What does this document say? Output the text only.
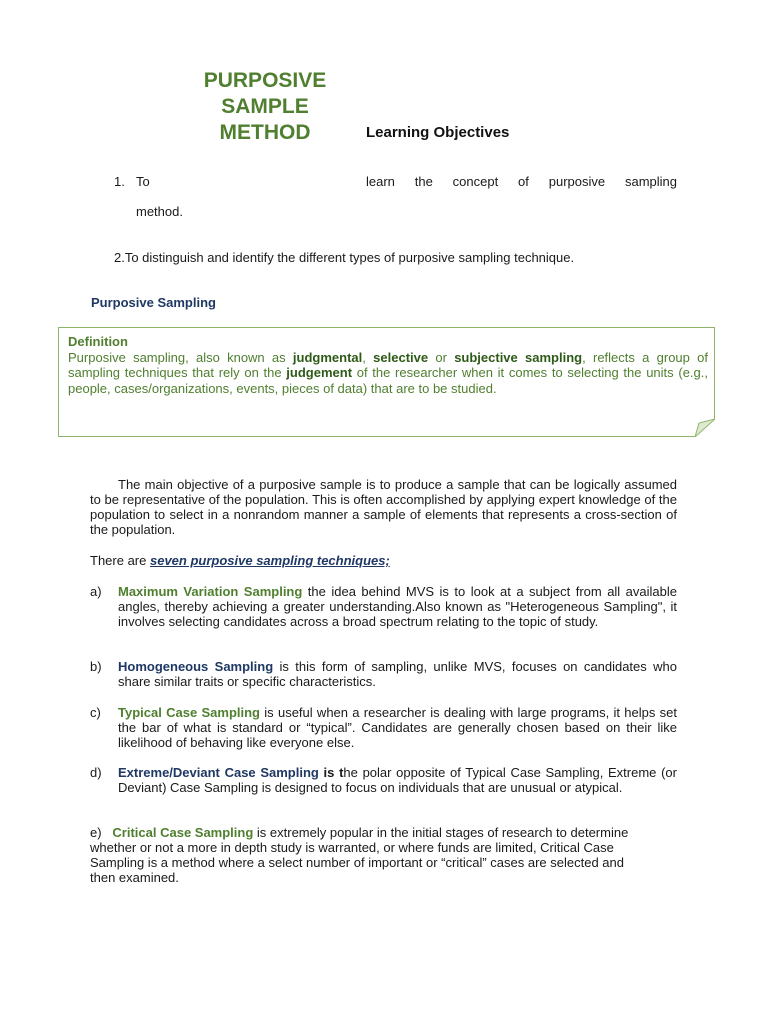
PURPOSIVE
SAMPLE
METHOD	Learning Objectives
1. To	learn the concept of purposive sampling
method.
2.To distinguish and identify the different types of purposive sampling technique.
Purposive Sampling
Definition
Purposive sampling, also known as judgmental, selective or subjective sampling, reflects a group of sampling techniques that rely on the judgement of the researcher when it comes to selecting the units (e.g., people, cases/organizations, events, pieces of data) that are to be studied.
The main objective of a purposive sample is to produce a sample that can be logically assumed to be representative of the population. This is often accomplished by applying expert knowledge of the population to select in a nonrandom manner a sample of elements that represents a cross-section of the population.
There are seven purposive sampling techniques;
a) Maximum Variation Sampling the idea behind MVS is to look at a subject from all available angles, thereby achieving a greater understanding.Also known as "Heterogeneous Sampling", it involves selecting candidates across a broad spectrum relating to the topic of study.
b) Homogeneous Sampling is this form of sampling, unlike MVS, focuses on candidates who share similar traits or specific characteristics.
c) Typical Case Sampling is useful when a researcher is dealing with large programs, it helps set the bar of what is standard or “typical”. Candidates are generally chosen based on their like likelihood of behaving like everyone else.
d) Extreme/Deviant Case Sampling is the polar opposite of Typical Case Sampling, Extreme (or Deviant) Case Sampling is designed to focus on individuals that are unusual or atypical.
e) Critical Case Sampling is extremely popular in the initial stages of research to determine whether or not a more in depth study is warranted, or where funds are limited, Critical Case Sampling is a method where a select number of important or “critical” cases are selected and then examined.
